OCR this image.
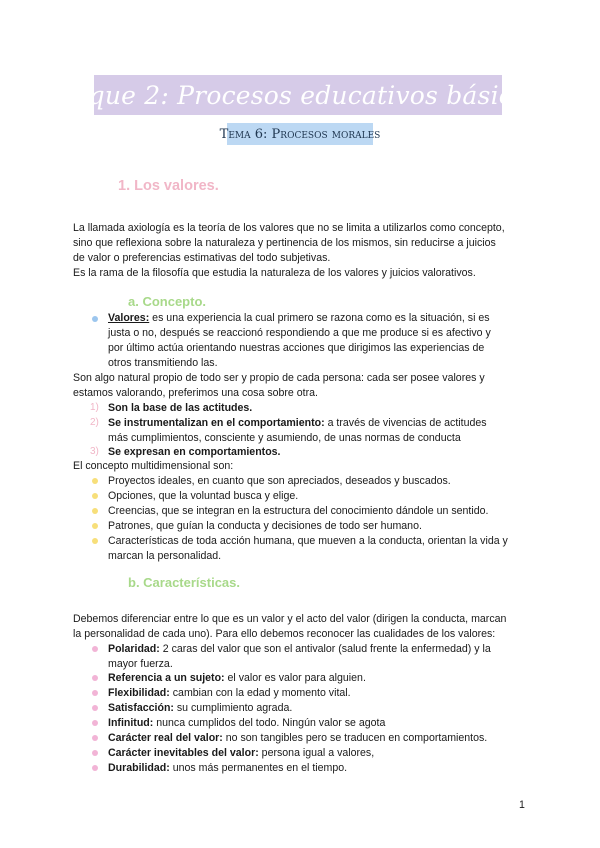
Bloque 2: Procesos educativos básicos.
Tema 6: Procesos morales
1. Los valores.
La llamada axiología es la teoría de los valores que no se limita a utilizarlos como concepto,
sino que reflexiona sobre la naturaleza y pertinencia de los mismos, sin reducirse a juicios
de valor o preferencias estimativas del todo subjetivas.
Es la rama de la filosofía que estudia la naturaleza de los valores y juicios valorativos.
a. Concepto.
Valores: es una experiencia la cual primero se razona como es la situación, si es
justa o no, después se reaccionó respondiendo a que me produce si es afectivo y
por último actúa orientando nuestras acciones que dirigimos las experiencias de
otros transmitiendo las.
Son algo natural propio de todo ser y propio de cada persona: cada ser posee valores y
estamos valorando, preferimos una cosa sobre otra.
1) Son la base de las actitudes.
2) Se instrumentalizan en el comportamiento: a través de vivencias de actitudes
más cumplimientos, consciente y asumiendo, de unas normas de conducta
3) Se expresan en comportamientos.
El concepto multidimensional son:
Proyectos ideales, en cuanto que son apreciados, deseados y buscados.
Opciones, que la voluntad busca y elige.
Creencias, que se integran en la estructura del conocimiento dándole un sentido.
Patrones, que guían la conducta y decisiones de todo ser humano.
Características de toda acción humana, que mueven a la conducta, orientan la vida y
marcan la personalidad.
b. Características.
Debemos diferenciar entre lo que es un valor y el acto del valor (dirigen la conducta, marcan
la personalidad de cada uno). Para ello debemos reconocer las cualidades de los valores:
Polaridad: 2 caras del valor que son el antivalor (salud frente la enfermedad) y la
mayor fuerza.
Referencia a un sujeto: el valor es valor para alguien.
Flexibilidad: cambian con la edad y momento vital.
Satisfacción: su cumplimiento agrada.
Infinitud: nunca cumplidos del todo. Ningún valor se agota
Carácter real del valor: no son tangibles pero se traducen en comportamientos.
Carácter inevitables del valor: persona igual a valores,
Durabilidad: unos más permanentes en el tiempo.
1
